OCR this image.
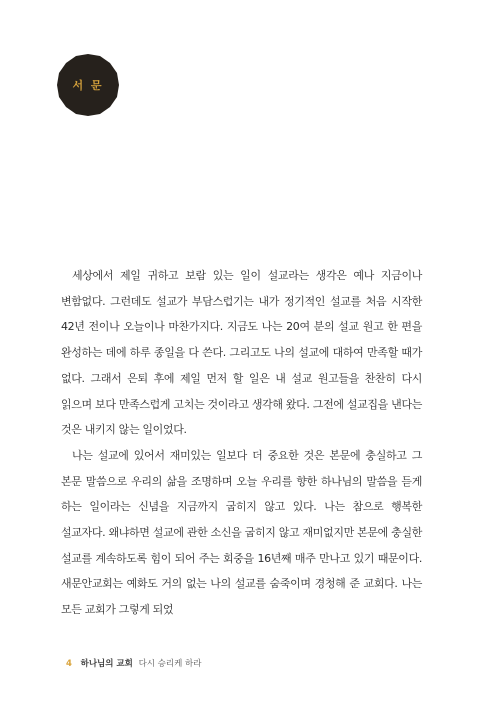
서 문

세상에서 제일 귀하고 보람 있는 일이 설교라는 생각은 예나 지금이나 변함없다. 그런데도 설교가 부담스럽기는 내가 정기적인 설교를 처음 시작한 42년 전이나 오늘이나 마찬가지다. 지금도 나는 20여 분의 설교 원고 한 편을 완성하는 데에 하루 종일을 다 쓴다. 그리고도 나의 설교에 대하여 만족할 때가 없다. 그래서 은퇴 후에 제일 먼저 할 일은 내 설교 원고들을 찬찬히 다시 읽으며 보다 만족스럽게 고치는 것이라고 생각해 왔다. 그전에 설교집을 낸다는 것은 내키지 않는 일이었다.

나는 설교에 있어서 재미있는 일보다 더 중요한 것은 본문에 충실하고 그 본문 말씀으로 우리의 삶을 조명하며 오늘 우리를 향한 하나님의 말씀을 듣게 하는 일이라는 신념을 지금까지 굽히지 않고 있다. 나는 참으로 행복한 설교자다. 왜냐하면 설교에 관한 소신을 굽히지 않고 재미없지만 본문에 충실한 설교를 계속하도록 힘이 되어 주는 회중을 16년째 매주 만나고 있기 때문이다. 새문안교회는 예화도 거의 없는 나의 설교를 숨죽이며 경청해 준 교회다. 나는 모든 교회가 그렇게 되었

4 하나님의 교회 다시 승리케 하라
